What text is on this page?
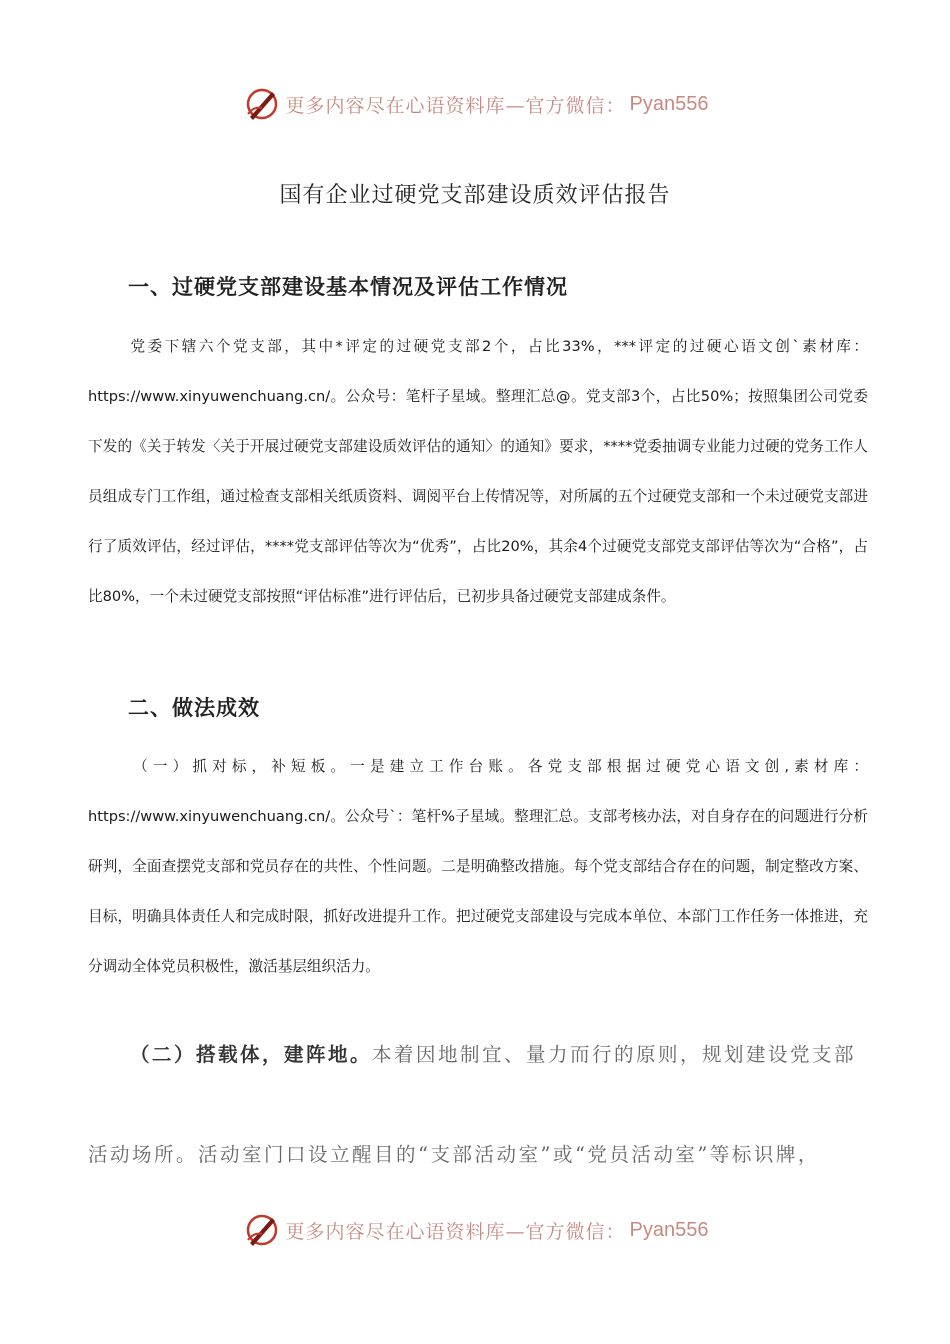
更多内容尽在心语资料库—官方微信： Pyan556
国有企业过硬党支部建设质效评估报告
一、过硬党支部建设基本情况及评估工作情况

党委下辖六个党支部，其中*评定的过硬党支部2个，占比33%，***评定的过硬心语文创`素材库：https://www.xinyuwenchuang.cn/。公众号：笔杆子星域。整理汇总@。党支部3个，占比50%；按照集团公司党委下发的《关于转发〈关于开展过硬党支部建设质效评估的通知〉的通知》要求，****党委抽调专业能力过硬的党务工作人员组成专门工作组，通过检查支部相关纸质资料、调阅平台上传情况等，对所属的五个过硬党支部和一个未过硬党支部进行了质效评估，经过评估，****党支部评估等次为“优秀”，占比20%，其余4个过硬党支部党支部评估等次为“合格”，占比80%，一个未过硬党支部按照“评估标准”进行评估后，已初步具备过硬党支部建成条件。

二、做法成效

（一）抓对标，补短板。一是建立工作台账。各党支部根据过硬党心语文创,素材库：https://www.xinyuwenchuang.cn/。公众号`：笔杆%子星域。整理汇总。支部考核办法，对自身存在的问题进行分析研判，全面查摆党支部和党员存在的共性、个性问题。二是明确整改措施。每个党支部结合存在的问题，制定整改方案、目标，明确具体责任人和完成时限，抓好改进提升工作。把过硬党支部建设与完成本单位、本部门工作任务一体推进，充分调动全体党员积极性，激活基层组织活力。

（二）搭载体，建阵地。本着因地制宜、量力而行的原则，规划建设党支部活动场所。活动室门口设立醒目的“支部活动室”或“党员活动室”等标识牌，

更多内容尽在心语资料库—官方微信： Pyan556
